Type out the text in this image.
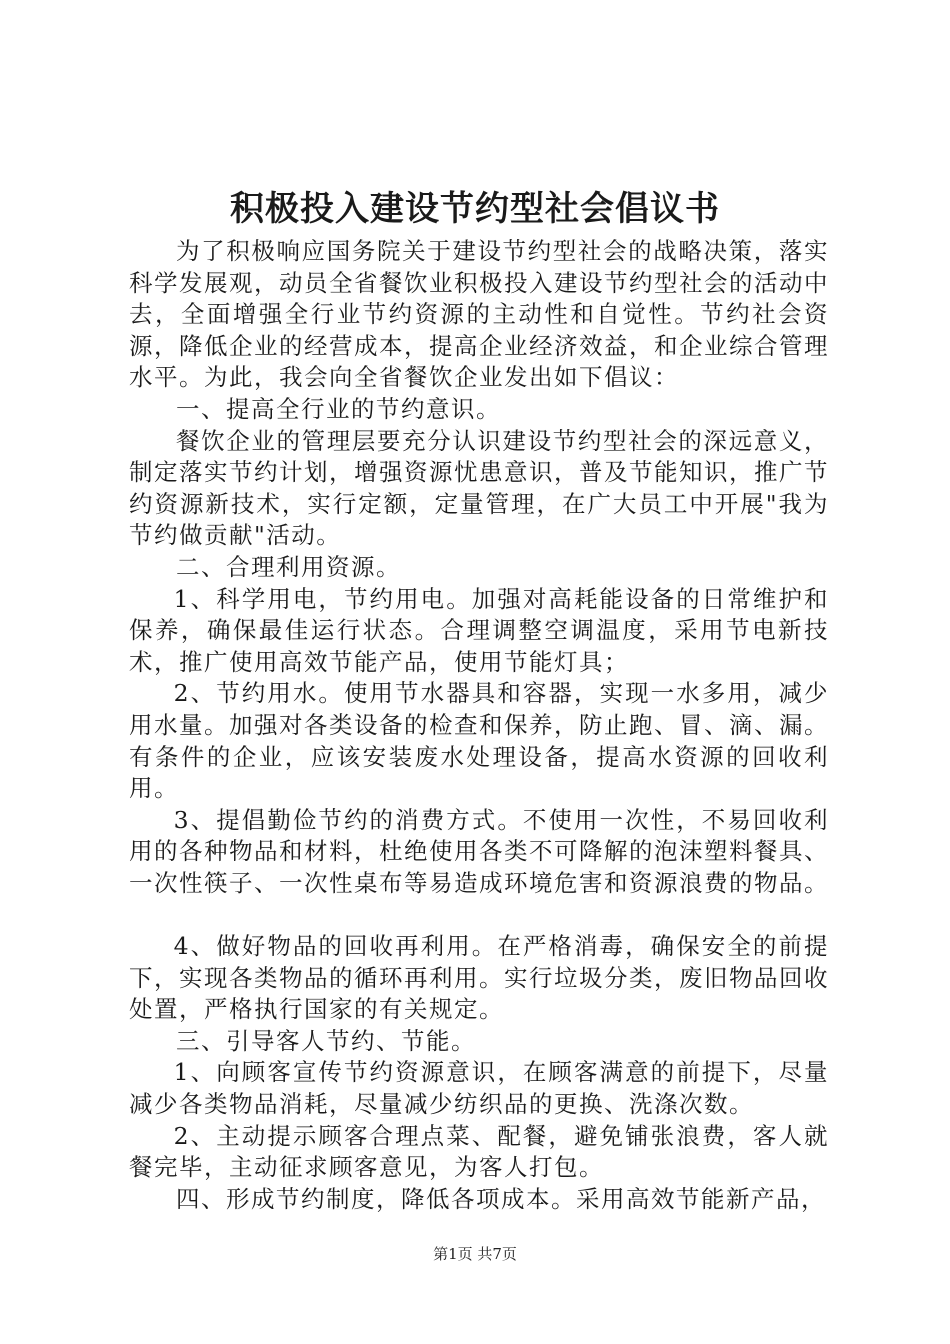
积极投入建设节约型社会倡议书

为了积极响应国务院关于建设节约型社会的战略决策，落实科学发展观，动员全省餐饮业积极投入建设节约型社会的活动中去，全面增强全行业节约资源的主动性和自觉性。节约社会资源，降低企业的经营成本，提高企业经济效益，和企业综合管理水平。为此，我会向全省餐饮企业发出如下倡议：

一、提高全行业的节约意识。

餐饮企业的管理层要充分认识建设节约型社会的深远意义，制定落实节约计划，增强资源忧患意识，普及节能知识，推广节约资源新技术，实行定额，定量管理，在广大员工中开展"我为节约做贡献"活动。

二、合理利用资源。

1、科学用电，节约用电。加强对高耗能设备的日常维护和保养，确保最佳运行状态。合理调整空调温度，采用节电新技术，推广使用高效节能产品，使用节能灯具；

2、节约用水。使用节水器具和容器，实现一水多用，减少用水量。加强对各类设备的检查和保养，防止跑、冒、滴、漏。有条件的企业，应该安装废水处理设备，提高水资源的回收利用。

3、提倡勤俭节约的消费方式。不使用一次性，不易回收利用的各种物品和材料，杜绝使用各类不可降解的泡沫塑料餐具、一次性筷子、一次性桌布等易造成环境危害和资源浪费的物品。

4、做好物品的回收再利用。在严格消毒，确保安全的前提下，实现各类物品的循环再利用。实行垃圾分类，废旧物品回收处置，严格执行国家的有关规定。

三、引导客人节约、节能。

1、向顾客宣传节约资源意识，在顾客满意的前提下，尽量减少各类物品消耗，尽量减少纺织品的更换、洗涤次数。

2、主动提示顾客合理点菜、配餐，避免铺张浪费，客人就餐完毕，主动征求顾客意见，为客人打包。

四、形成节约制度，降低各项成本。采用高效节能新产品，

第1页 共7页
